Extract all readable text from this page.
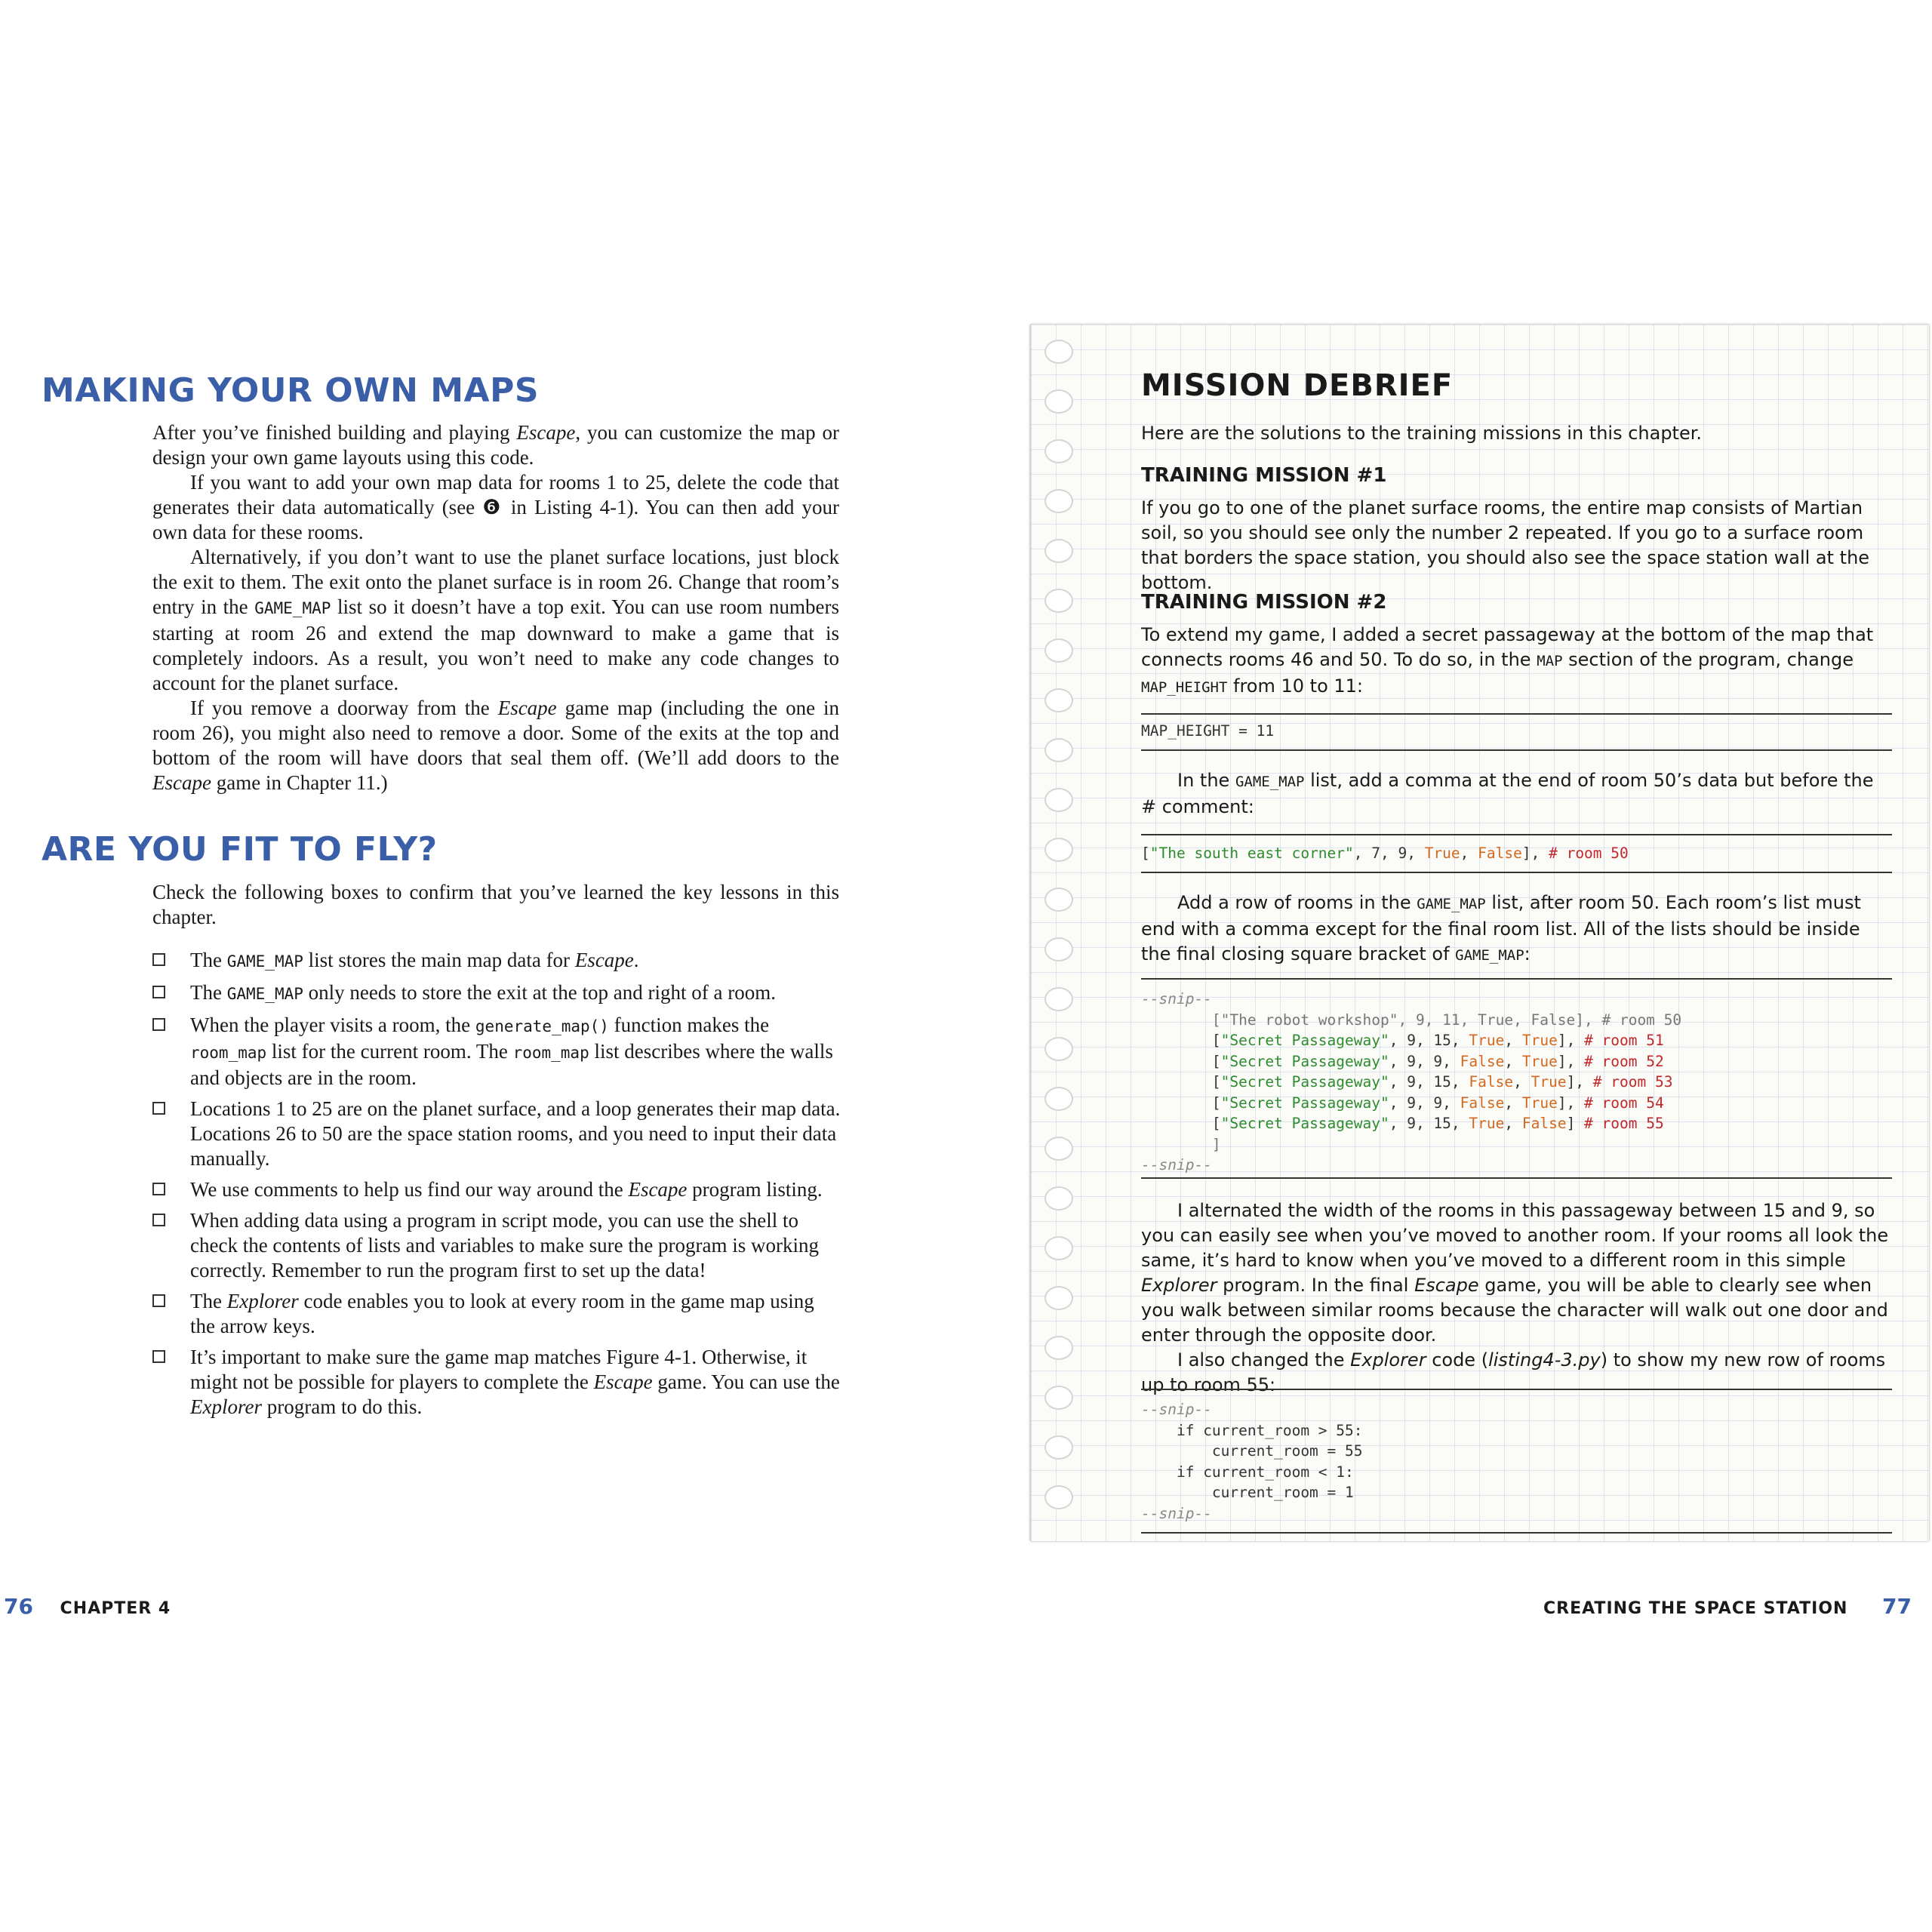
MAKING YOUR OWN MAPS

After you’ve finished building and playing Escape, you can customize the map or design your own game layouts using this code.

If you want to add your own map data for rooms 1 to 25, delete the code that generates their data automatically (see ❻ in Listing 4-1). You can then add your own data for these rooms.

Alternatively, if you don’t want to use the planet surface locations, just block the exit to them. The exit onto the planet surface is in room 26. Change that room’s entry in the GAME_MAP list so it doesn’t have a top exit. You can use room numbers starting at room 26 and extend the map downward to make a game that is completely indoors. As a result, you won’t need to make any code changes to account for the planet surface.

If you remove a doorway from the Escape game map (including the one in room 26), you might also need to remove a door. Some of the exits at the top and bottom of the room will have doors that seal them off. (We’ll add doors to the Escape game in Chapter 11.)

ARE YOU FIT TO FLY?

Check the following boxes to confirm that you’ve learned the key lessons in this chapter.

The GAME_MAP list stores the main map data for Escape.
The GAME_MAP only needs to store the exit at the top and right of a room.
When the player visits a room, the generate_map() function makes the room_map list for the current room. The room_map list describes where the walls and objects are in the room.
Locations 1 to 25 are on the planet surface, and a loop generates their map data. Locations 26 to 50 are the space station rooms, and you need to input their data manually.
We use comments to help us find our way around the Escape program listing.
When adding data using a program in script mode, you can use the shell to check the contents of lists and variables to make sure the program is working correctly. Remember to run the program first to set up the data!
The Explorer code enables you to look at every room in the game map using the arrow keys.
It’s important to make sure the game map matches Figure 4-1. Otherwise, it might not be possible for players to complete the Escape game. You can use the Explorer program to do this.
76 CHAPTER 4
MISSION DEBRIEF

Here are the solutions to the training missions in this chapter.

TRAINING MISSION #1

If you go to one of the planet surface rooms, the entire map consists of Martian soil, so you should see only the number 2 repeated. If you go to a surface room that borders the space station, you should also see the space station wall at the bottom.

TRAINING MISSION #2

To extend my game, I added a secret passageway at the bottom of the map that connects rooms 46 and 50. To do so, in the MAP section of the program, change MAP_HEIGHT from 10 to 11:

MAP_HEIGHT = 11

In the GAME_MAP list, add a comma at the end of room 50’s data but before the # comment:

["The south east corner", 7, 9, True, False], # room 50

Add a row of rooms in the GAME_MAP list, after room 50. Each room’s list must end with a comma except for the final room list. All of the lists should be inside the final closing square bracket of GAME_MAP:

--snip--
["The robot workshop", 9, 11, True, False], # room 50
["Secret Passageway", 9, 15, True, True], # room 51
["Secret Passageway", 9, 9, False, True], # room 52
["Secret Passageway", 9, 15, False, True], # room 53
["Secret Passageway", 9, 9, False, True], # room 54
["Secret Passageway", 9, 15, True, False] # room 55
]
--snip--

I alternated the width of the rooms in this passageway between 15 and 9, so you can easily see when you’ve moved to another room. If your rooms all look the same, it’s hard to know when you’ve moved to a different room in this simple Explorer program. In the final Escape game, you will be able to clearly see when you walk between similar rooms because the character will walk out one door and enter through the opposite door.

I also changed the Explorer code (listing4-3.py) to show my new row of rooms up to room 55:

--snip--
if current_room > 55:
current_room = 55
if current_room < 1:
current_room = 1
--snip--
CREATING THE SPACE STATION 77
